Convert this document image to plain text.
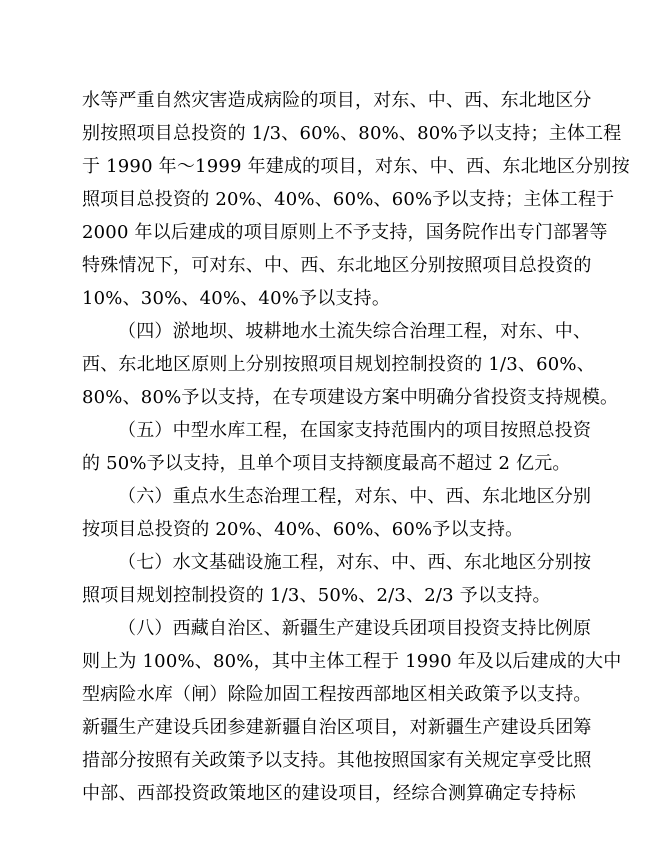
水等严重自然灾害造成病险的项目，对东、中、西、东北地区分
别按照项目总投资的 1/3、60%、80%、80%予以支持；主体工程
于 1990 年～1999 年建成的项目，对东、中、西、东北地区分别按
照项目总投资的 20%、40%、60%、60%予以支持；主体工程于
2000 年以后建成的项目原则上不予支持，国务院作出专门部署等
特殊情况下，可对东、中、西、东北地区分别按照项目总投资的
10%、30%、40%、40%予以支持。
（四）淤地坝、坡耕地水土流失综合治理工程，对东、中、
西、东北地区原则上分别按照项目规划控制投资的 1/3、60%、
80%、80%予以支持，在专项建设方案中明确分省投资支持规模。
（五）中型水库工程，在国家支持范围内的项目按照总投资
的 50%予以支持，且单个项目支持额度最高不超过 2 亿元。
（六）重点水生态治理工程，对东、中、西、东北地区分别
按项目总投资的 20%、40%、60%、60%予以支持。
（七）水文基础设施工程，对东、中、西、东北地区分别按
照项目规划控制投资的 1/3、50%、2/3、2/3 予以支持。
（八）西藏自治区、新疆生产建设兵团项目投资支持比例原
则上为 100%、80%，其中主体工程于 1990 年及以后建成的大中
型病险水库（闸）除险加固工程按西部地区相关政策予以支持。
新疆生产建设兵团参建新疆自治区项目，对新疆生产建设兵团筹
措部分按照有关政策予以支持。其他按照国家有关规定享受比照
中部、西部投资政策地区的建设项目，经综合测算确定专持标
